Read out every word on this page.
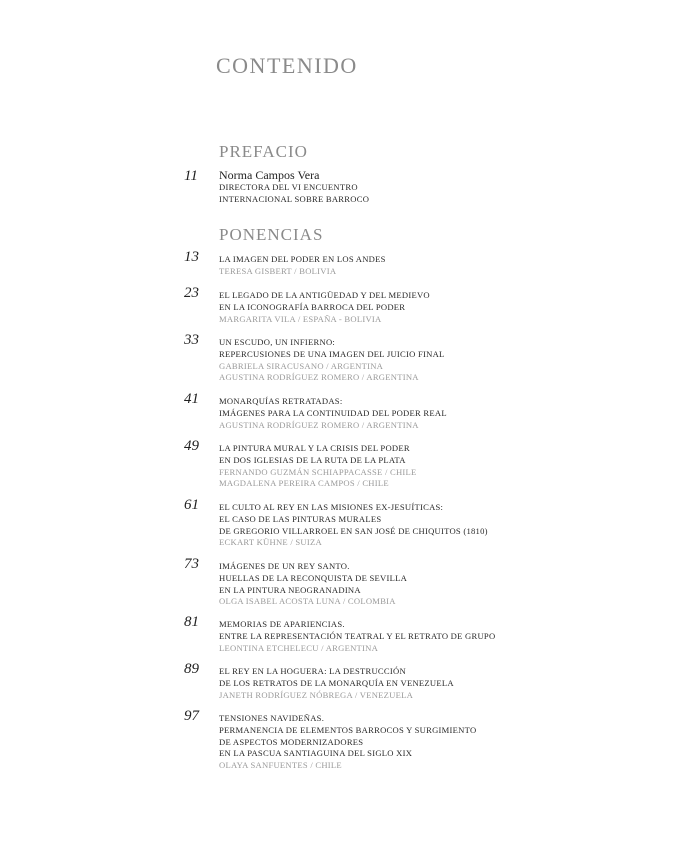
CONTENIDO
PREFACIO
11 Norma Campos Vera
DIRECTORA DEL VI ENCUENTRO
INTERNACIONAL SOBRE BARROCO
PONENCIAS
13 LA IMAGEN DEL PODER EN LOS ANDES
TERESA GISBERT / BOLIVIA
23 EL LEGADO DE LA ANTIGÜEDAD Y DEL MEDIEVO
EN LA ICONOGRAFÍA BARROCA DEL PODER
MARGARITA VILA / ESPAÑA - BOLIVIA
33 UN ESCUDO, UN INFIERNO:
REPERCUSIONES DE UNA IMAGEN DEL JUICIO FINAL
GABRIELA SIRACUSANO / ARGENTINA
AGUSTINA RODRÍGUEZ ROMERO / ARGENTINA
41 MONARQUÍAS RETRATADAS:
IMÁGENES PARA LA CONTINUIDAD DEL PODER REAL
AGUSTINA RODRÍGUEZ ROMERO / ARGENTINA
49 LA PINTURA MURAL Y LA CRISIS DEL PODER
EN DOS IGLESIAS DE LA RUTA DE LA PLATA
FERNANDO GUZMÁN SCHIAPPACASSE / CHILE
MAGDALENA PEREIRA CAMPOS / CHILE
61 EL CULTO AL REY EN LAS MISIONES EX-JESUÍTICAS:
EL CASO DE LAS PINTURAS MURALES
DE GREGORIO VILLARROEL EN SAN JOSÉ DE CHIQUITOS (1810)
ECKART KÜHNE / SUIZA
73 IMÁGENES DE UN REY SANTO.
HUELLAS DE LA RECONQUISTA DE SEVILLA
EN LA PINTURA NEOGRANADINA
OLGA ISABEL ACOSTA LUNA / COLOMBIA
81 MEMORIAS DE APARIENCIAS.
ENTRE LA REPRESENTACIÓN TEATRAL Y EL RETRATO DE GRUPO
LEONTINA ETCHELECU / ARGENTINA
89 EL REY EN LA HOGUERA: LA DESTRUCCIÓN
DE LOS RETRATOS DE LA MONARQUÍA EN VENEZUELA
JANETH RODRÍGUEZ NÓBREGA / VENEZUELA
97 TENSIONES NAVIDEÑAS.
PERMANENCIA DE ELEMENTOS BARROCOS Y SURGIMIENTO
DE ASPECTOS MODERNIZADORES
EN LA PASCUA SANTIAGUINA DEL SIGLO XIX
OLAYA SANFUENTES / CHILE
